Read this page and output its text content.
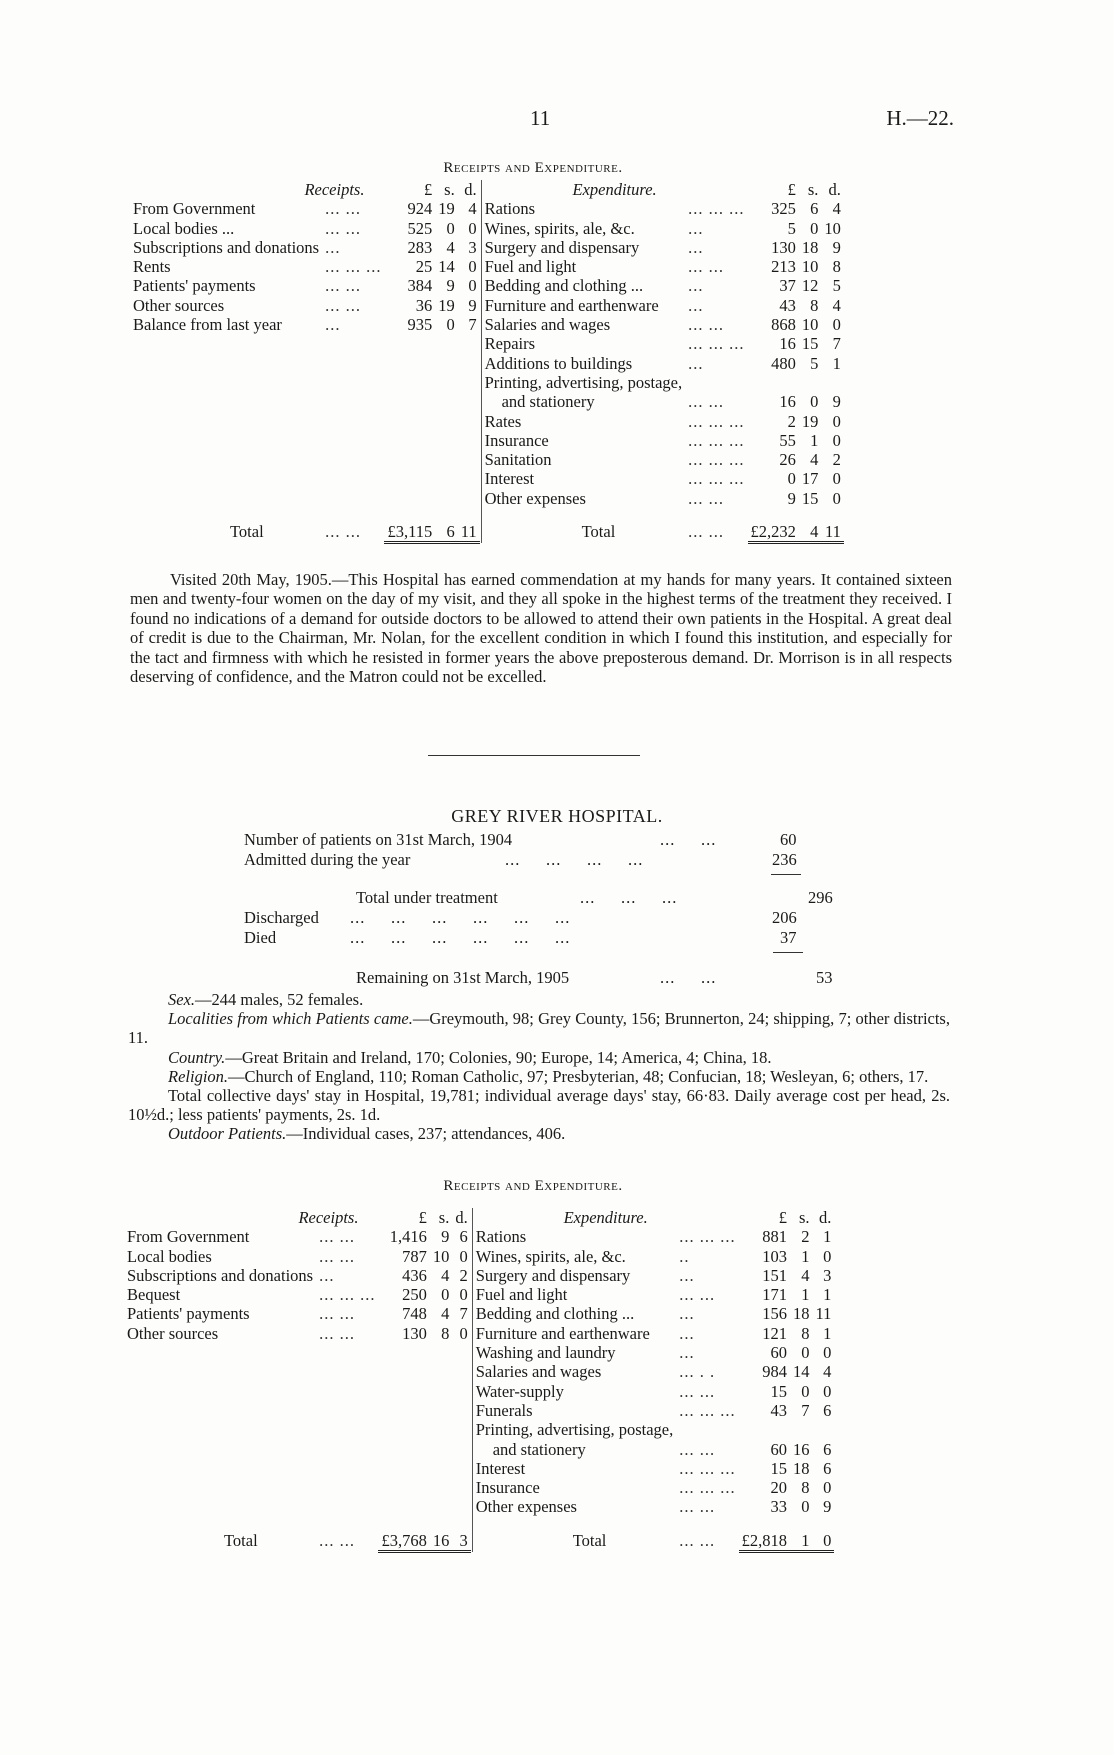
11	H.—22.
Receipts and Expenditure.
Receipts.		£	s.	d.		Expenditure.		£	s.	d.
From Government	... ...	924	19	4		Rations	... ... ...	325	6	4
Local bodies ...	... ...	525	0	0		Wines, spirits, ale, &c.	...	5	0	10
Subscriptions and donations	...	283	4	3		Surgery and dispensary	...	130	18	9
Rents	... ... ...	25	14	0		Fuel and light	... ...	213	10	8
Patients' payments	... ...	384	9	0		Bedding and clothing ...	...	37	12	5
Other sources	... ...	36	19	9		Furniture and earthenware	...	43	8	4
Balance from last year	...	935	0	7		Salaries and wages	... ...	868	10	0
						Repairs	... ... ...	16	15	7
						Additions to buildings	...	480	5	1
						Printing, advertising, postage,				
						and stationery	... ...	16	0	9
						Rates	... ... ...	2	19	0
						Insurance	... ... ...	55	1	0
						Sanitation	... ... ...	26	4	2
						Interest	... ... ...	0	17	0
						Other expenses	... ...	9	15	0

Total	... ...	£3,115	6	11		Total	... ...	£2,232	4	11

Visited 20th May, 1905.—This Hospital has earned commendation at my hands for many years. It contained sixteen men and twenty-four women on the day of my visit, and they all spoke in the highest terms of the treatment they received. I found no indications of a demand for outside doctors to be allowed to attend their own patients in the Hospital. A great deal of credit is due to the Chairman, Mr. Nolan, for the excellent condition in which I found this institution, and especially for the tact and firmness with which he resisted in former years the above preposterous demand. Dr. Morrison is in all respects deserving of confidence, and the Matron could not be excelled.

GREY RIVER HOSPITAL.
Number of patients on 31st March, 1904	...     ...	60
Admitted during the year	...     ...     ...     ...	236
Total under treatment	...     ...     ...	296
Discharged ...     ...     ...     ...     ...     ...	206
Died	...     ...     ...     ...     ...     ...	37
Remaining on 31st March, 1905	...     ...	53

Sex.—244 males, 52 females.

Localities from which Patients came.—Greymouth, 98; Grey County, 156; Brunnerton, 24; shipping, 7; other districts, 11.

Country.—Great Britain and Ireland, 170; Colonies, 90; Europe, 14; America, 4; China, 18.

Religion.—Church of England, 110; Roman Catholic, 97; Presbyterian, 48; Confucian, 18; Wesleyan, 6; others, 17.

Total collective days' stay in Hospital, 19,781; individual average days' stay, 66·83. Daily average cost per head, 2s. 10½d.; less patients' payments, 2s. 1d.

Outdoor Patients.—Individual cases, 237; attendances, 406.

Receipts and Expenditure.
Receipts.		£	s.	d.		Expenditure.		£	s.	d.
From Government	... ...	1,416	9	6		Rations	... ... ...	881	2	1
Local bodies	... ...	787	10	0		Wines, spirits, ale, &c.	..	103	1	0
Subscriptions and donations	...	436	4	2		Surgery and dispensary	...	151	4	3
Bequest	... ... ...	250	0	0		Fuel and light	... ...	171	1	1
Patients' payments	... ...	748	4	7		Bedding and clothing ...	...	156	18	11
Other sources	... ...	130	8	0		Furniture and earthenware	...	121	8	1
						Washing and laundry	...	60	0	0
						Salaries and wages	... . .	984	14	4
						Water-supply	... ...	15	0	0
						Funerals	... ... ...	43	7	6
						Printing, advertising, postage,				
						and stationery	... ...	60	16	6
						Interest	... ... ...	15	18	6
						Insurance	... ... ...	20	8	0
						Other expenses	... ...	33	0	9

Total	... ...	£3,768	16	3		Total	... ...	£2,818	1	0
